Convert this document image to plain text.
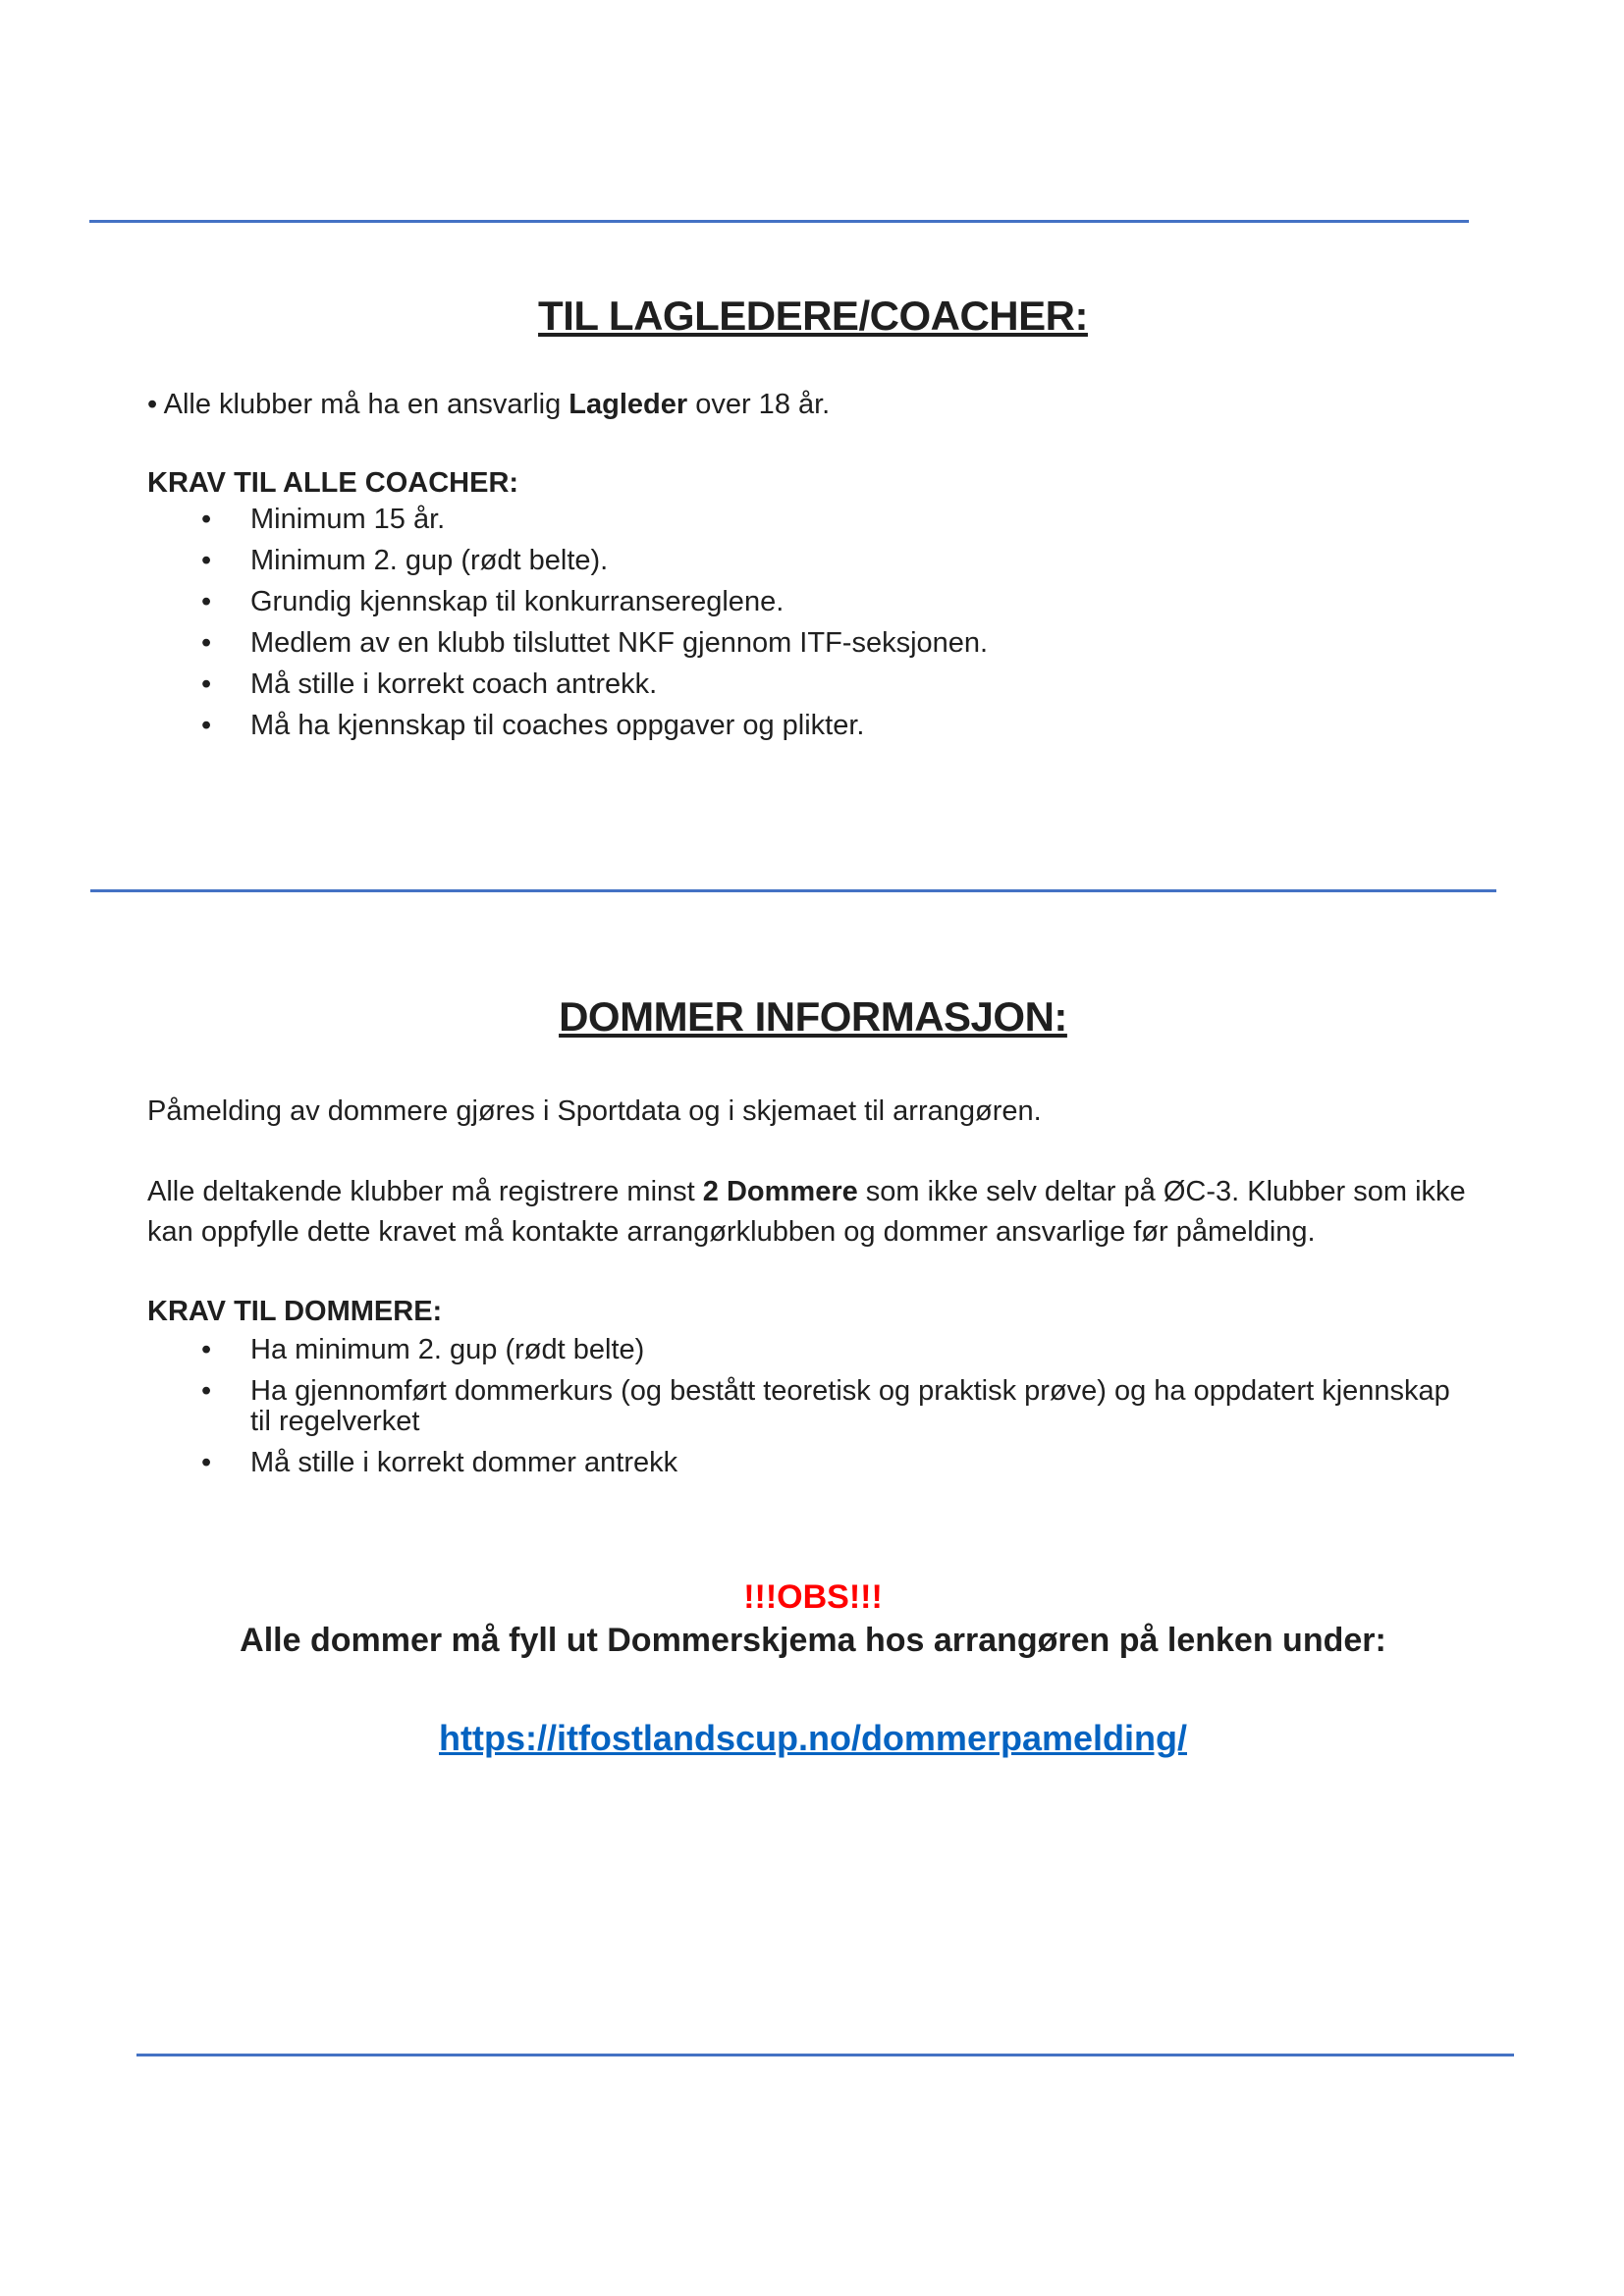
TIL LAGLEDERE/COACHER:
• Alle klubber må ha en ansvarlig Lagleder over 18 år.
KRAV TIL ALLE COACHER:
• Minimum 15 år.
• Minimum 2. gup (rødt belte).
• Grundig kjennskap til konkurransereglene.
• Medlem av en klubb tilsluttet NKF gjennom ITF-seksjonen.
• Må stille i korrekt coach antrekk.
• Må ha kjennskap til coaches oppgaver og plikter.
DOMMER INFORMASJON:
Påmelding av dommere gjøres i Sportdata og i skjemaet til arrangøren.
Alle deltakende klubber må registrere minst 2 Dommere som ikke selv deltar på ØC-3. Klubber som ikke kan oppfylle dette kravet må kontakte arrangørklubben og dommer ansvarlige før påmelding.
KRAV TIL DOMMERE:
• Ha minimum 2. gup (rødt belte)
• Ha gjennomført dommerkurs (og bestått teoretisk og praktisk prøve) og ha oppdatert kjennskap til regelverket
• Må stille i korrekt dommer antrekk
!!!OBS!!!
Alle dommer må fyll ut Dommerskjema hos arrangøren på lenken under:
https://itfostlandscup.no/dommerpamelding/
